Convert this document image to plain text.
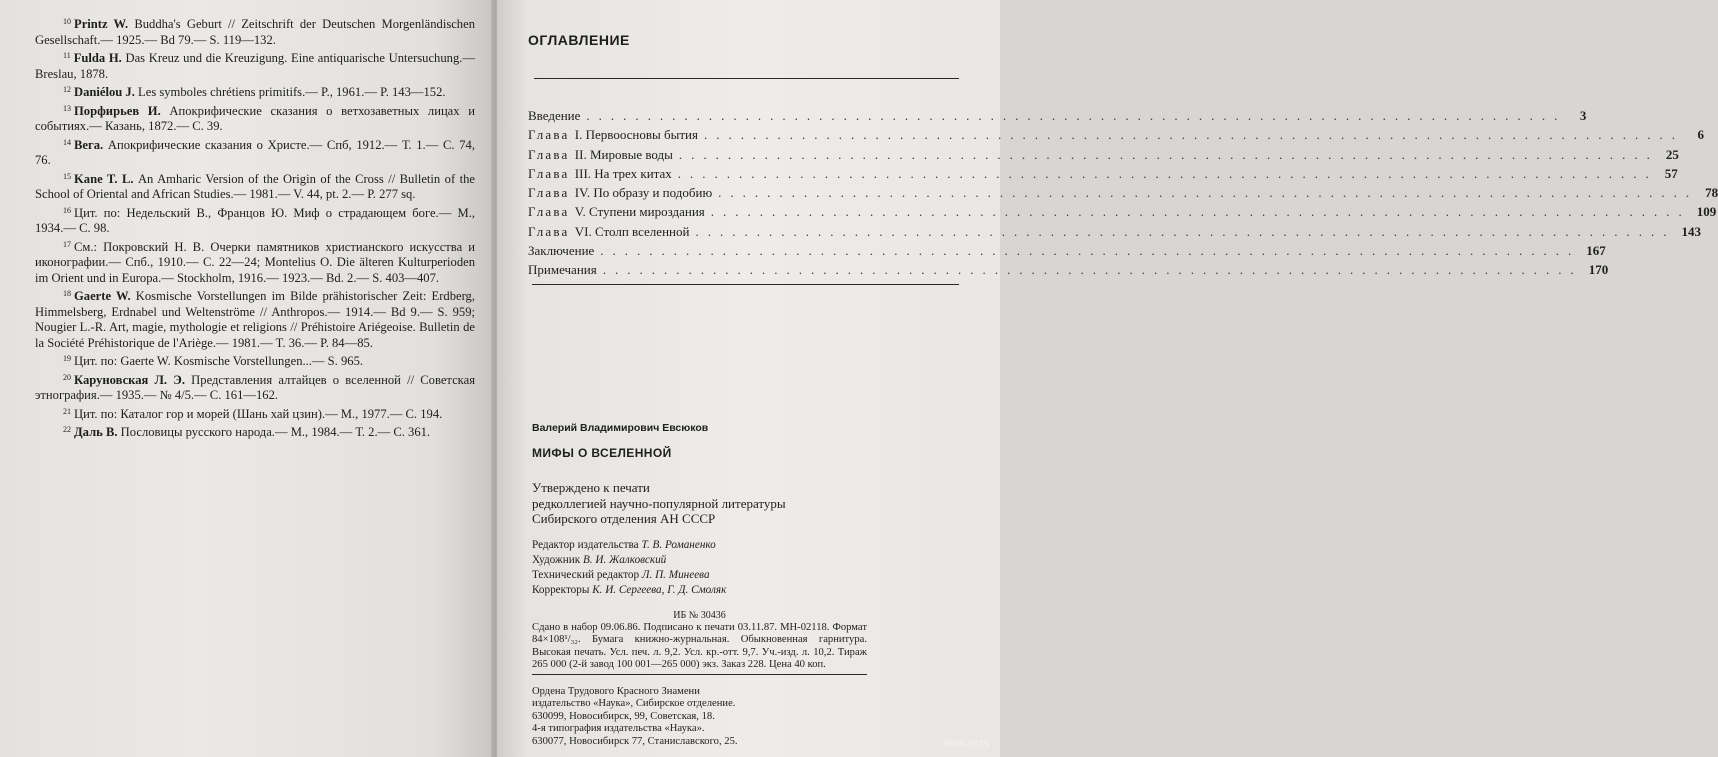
$^{10}$ Printz W. Buddha's Geburt // Zeitschrift der Deutschen Morgenländischen Gesellschaft.— 1925.— Bd 79.— S. 119—132.
$^{11}$ Fulda H. Das Kreuz und die Kreuzigung. Eine antiquarische Untersuchung.— Breslau, 1878.
$^{12}$ Daniélou J. Les symboles chrétiens primitifs.— P., 1961.— P. 143—152.
$^{13}$ Порфирьев И. Апокрифические сказания о ветхозаветных лицах и событиях.— Казань, 1872.— С. 39.
$^{14}$ Вега. Апокрифические сказания о Христе.— Спб, 1912.— Т. 1.— С. 74, 76.
$^{15}$ Kane T. L. An Amharic Version of the Origin of the Cross // Bulletin of the School of Oriental and African Studies.— 1981.— V. 44, pt. 2.— P. 277 sq.
$^{16}$ Цит. по: Недельский В., Францов Ю. Миф о страдающем боге.— М., 1934.— С. 98.
$^{17}$ См.: Покровский Н. В. Очерки памятников христианского искусства и иконографии.— Спб., 1910.— С. 22—24; Montelius O. Die älteren Kulturperioden im Orient und in Europa.— Stockholm, 1916.— 1923.— Bd. 2.— S. 403—407.
$^{18}$ Gaerte W. Kosmische Vorstellungen im Bilde prähistorischer Zeit: Erdberg, Himmelsberg, Erdnabel und Weltenströme // Anthropos.— 1914.— Bd 9.— S. 959; Nougier L.-R. Art, magie, mythologie et religions // Préhistoire Ariégeoise. Bulletin de la Société Préhistorique de l'Ariège.— 1981.— T. 36.— P. 84—85.
$^{19}$ Цит. по: Gaerte W. Kosmische Vorstellungen...— S. 965.
$^{20}$ Каруновская Л. Э. Представления алтайцев о вселенной // Советская этнография.— 1935.— № 4/5.— С. 161—162.
$^{21}$ Цит. по: Каталог гор и морей (Шань хай цзин).— М., 1977.— С. 194.
$^{22}$ Даль В. Пословицы русского народа.— М., 1984.— Т. 2.— С. 361.
ОГЛАВЛЕНИЕ
Введение ................................................................................	3
Глава I. Первоосновы бытия ................................................................................	6
Глава II. Мировые воды ................................................................................ 25
Глава III. На трех китах ................................................................................ 57
Глава IV. По образу и подобию ................................................................................ 78
Глава V. Ступени мироздания ................................................................................ 109
Глава VI. Столп вселенной ................................................................................ 143
Заключение ................................................................................ 167
Примечания ................................................................................ 170
Валерий Владимирович Евсюков
МИФЫ О ВСЕЛЕННОЙ
Утверждено к печати
редколлегией научно-популярной литературы
Сибирского отделения АН СССР
Редактор издательства Т. В. Романенко
Художник В. И. Жалковский
Технический редактор Л. П. Минеева
Корректоры К. И. Сергеева, Г. Д. Смоляк
ИБ № 30436
Сдано в набор 09.06.86. Подписано к печати 03.11.87. МН-02118. Формат 84×108¹/₃₂. Бумага книжно-журнальная. Обыкновенная гарнитура. Высокая печать. Усл. печ. л. 9,2. Усл. кр.-отт. 9,7. Уч.-изд. л. 10,2. Тираж 265 000 (2-й завод 100 001—265 000) экз. Заказ 228. Цена 40 коп.
Ордена Трудового Красного Знамени
издательство «Наука», Сибирское отделение.
630099, Новосибирск, 99, Советская, 18.
4-я типография издательства «Наука».
630077, Новосибирск 77, Станиславского, 25.	www.ay.by
